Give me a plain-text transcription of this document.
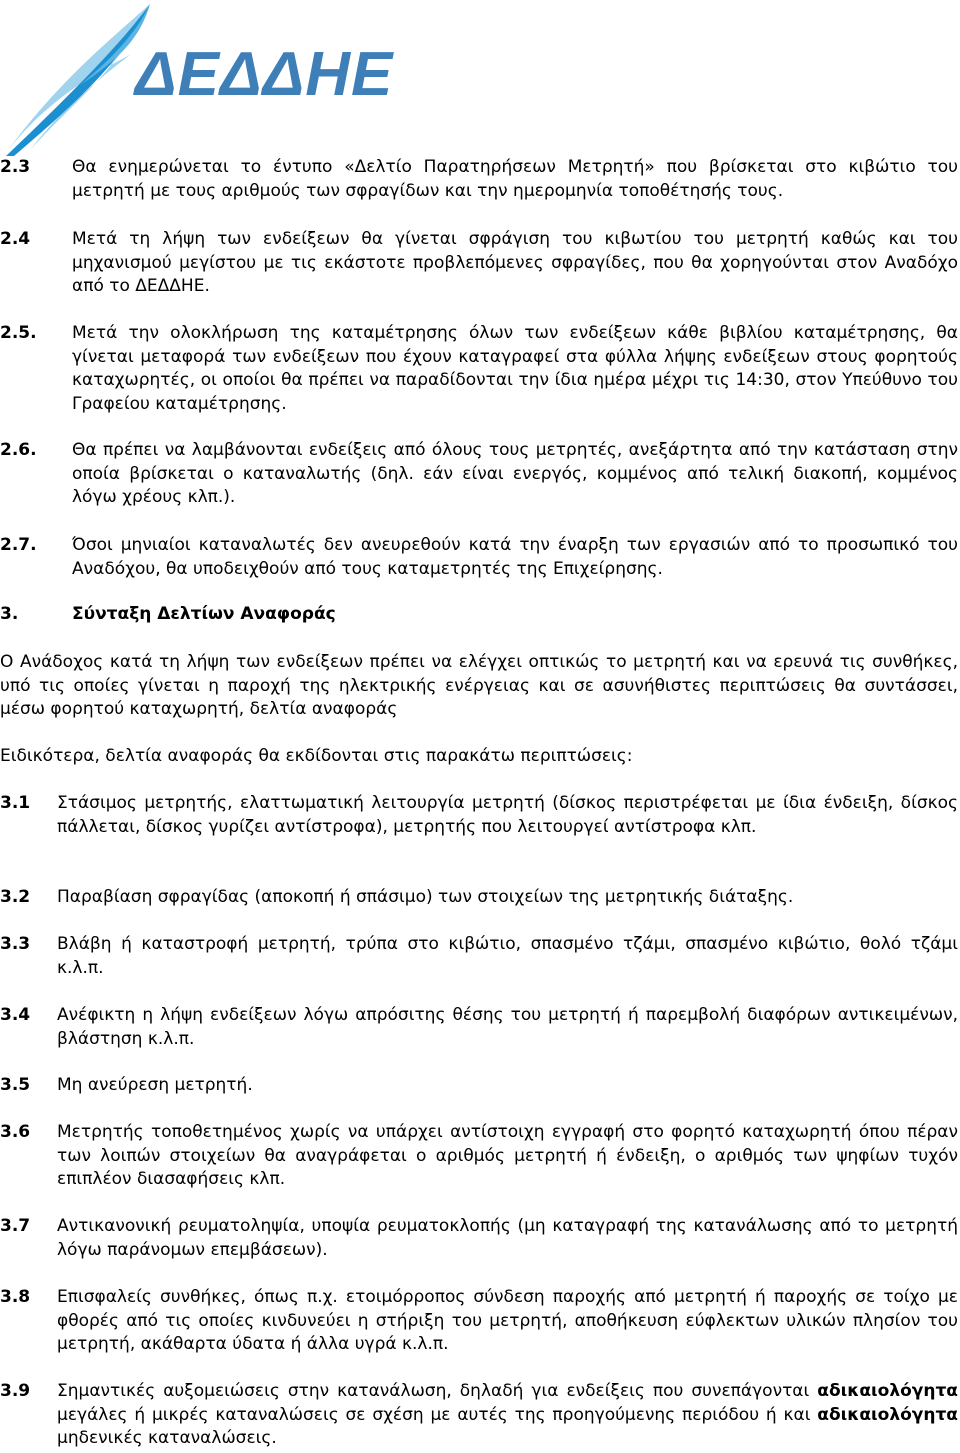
ΔΕΔΔΗΕ
2.3 Θα ενημερώνεται το έντυπο «Δελτίο Παρατηρήσεων Μετρητή» που βρίσκεται στο κιβώτιο του μετρητή με τους αριθμούς των σφραγίδων και την ημερομηνία τοποθέτησής τους.
2.4 Μετά τη λήψη των ενδείξεων θα γίνεται σφράγιση του κιβωτίου του μετρητή καθώς και του μηχανισμού μεγίστου με τις εκάστοτε προβλεπόμενες σφραγίδες, που θα χορηγούνται στον Αναδόχο από το ΔΕΔΔΗΕ.
2.5. Μετά την ολοκλήρωση της καταμέτρησης όλων των ενδείξεων κάθε βιβλίου καταμέτρησης, θα γίνεται μεταφορά των ενδείξεων που έχουν καταγραφεί στα φύλλα λήψης ενδείξεων στους φορητούς καταχωρητές, οι οποίοι θα πρέπει να παραδίδονται την ίδια ημέρα μέχρι τις 14:30, στον Υπεύθυνο του Γραφείου καταμέτρησης.
2.6. Θα πρέπει να λαμβάνονται ενδείξεις από όλους τους μετρητές, ανεξάρτητα από την κατάσταση στην οποία βρίσκεται ο καταναλωτής (δηλ. εάν είναι ενεργός, κομμένος από τελική διακοπή, κομμένος λόγω χρέους κλπ.).
2.7. Όσοι μηνιαίοι καταναλωτές δεν ανευρεθούν κατά την έναρξη των εργασιών από το προσωπικό του Αναδόχου, θα υποδειχθούν από τους καταμετρητές της Επιχείρησης.
3.	Σύνταξη Δελτίων Αναφοράς
Ο Ανάδοχος κατά τη λήψη των ενδείξεων πρέπει να ελέγχει οπτικώς το μετρητή και να ερευνά τις συνθήκες, υπό τις οποίες γίνεται η παροχή της ηλεκτρικής ενέργειας και σε ασυνήθιστες περιπτώσεις θα συντάσσει, μέσω φορητού καταχωρητή, δελτία αναφοράς
Ειδικότερα, δελτία αναφοράς θα εκδίδονται στις παρακάτω περιπτώσεις:
3.1 Στάσιμος μετρητής, ελαττωματική λειτουργία μετρητή (δίσκος περιστρέφεται με ίδια ένδειξη, δίσκος πάλλεται, δίσκος γυρίζει αντίστροφα), μετρητής που λειτουργεί αντίστροφα κλπ.
3.2 Παραβίαση σφραγίδας (αποκοπή ή σπάσιμο) των στοιχείων της μετρητικής διάταξης.
3.3 Βλάβη ή καταστροφή μετρητή, τρύπα στο κιβώτιο, σπασμένο τζάμι, σπασμένο κιβώτιο, θολό τζάμι κ.λ.π.
3.4 Ανέφικτη η λήψη ενδείξεων λόγω απρόσιτης θέσης του μετρητή ή παρεμβολή διαφόρων αντικειμένων, βλάστηση κ.λ.π.
3.5 Μη ανεύρεση μετρητή.
3.6 Μετρητής τοποθετημένος χωρίς να υπάρχει αντίστοιχη εγγραφή στο φορητό καταχωρητή όπου πέραν των λοιπών στοιχείων θα αναγράφεται ο αριθμός μετρητή ή ένδειξη, ο αριθμός των ψηφίων τυχόν επιπλέον διασαφήσεις κλπ.
3.7 Αντικανονική ρευματοληψία, υποψία ρευματοκλοπής (μη καταγραφή της κατανάλωσης από το μετρητή λόγω παράνομων επεμβάσεων).
3.8 Επισφαλείς συνθήκες, όπως π.χ. ετοιμόρροπος σύνδεση παροχής από μετρητή ή παροχής σε τοίχο με φθορές από τις οποίες κινδυνεύει η στήριξη του μετρητή, αποθήκευση εύφλεκτων υλικών πλησίον του μετρητή, ακάθαρτα ύδατα ή άλλα υγρά κ.λ.π.
3.9 Σημαντικές αυξομειώσεις στην κατανάλωση, δηλαδή για ενδείξεις που συνεπάγονται αδικαιολόγητα μεγάλες ή μικρές καταναλώσεις σε σχέση με αυτές της προηγούμενης περιόδου ή και αδικαιολόγητα μηδενικές καταναλώσεις.
